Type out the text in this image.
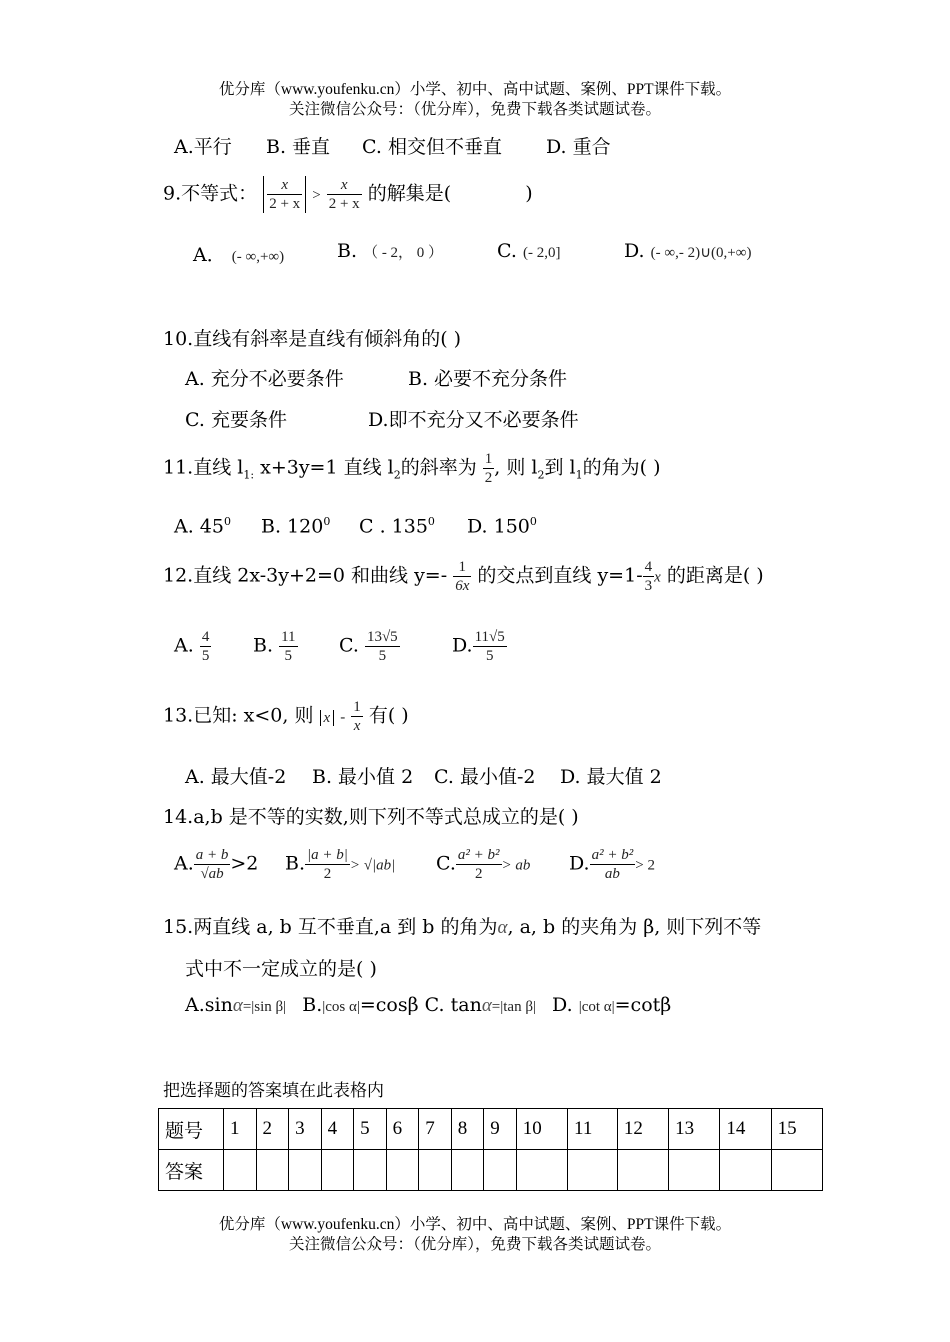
优分库（www.youfenku.cn）小学、初中、高中试题、案例、PPT课件下载。
关注微信公众号：（优分库），免费下载各类试题试卷。
A.平行 B. 垂直 C. 相交但不垂直 D. 重合
9.不等式： $\frac{x}{2 + x} > \frac{x}{2 + x}$ 的解集是(	)
A． (- ∞,+∞)	B. （ - 2， 0 ）	C. (- 2,0]	D. (- ∞,- 2)∪(0,+∞)
10.直线有斜率是直线有倾斜角的( )
A. 充分不必要条件	B. 必要不充分条件
C. 充要条件	D.即不充分又不必要条件
11.直线 $l_{1:}$ x+3y=1 直线 $l_2$的斜率为 $\frac{1}{2}$ , 则 $l_2$到 $l_1$的角为( )
A. $45^0$ B. $120^0$ C . $135^0$ D. $150^0$
12.直线 2x-3y+2=0 和曲线 $y=- \frac{1}{6x}$ 的交点到直线 $y=1- \frac{4}{3}$ x 的距离是( )
A. $\frac{4}{5} B$. $\frac{11}{5} C$. $\frac{13√5}{5}$	D. $\frac{11√5}{5}$
13.已知: x<0, 则 x - $\frac{1}{x}$ 有( )
A. 最大值-2 B. 最小值 2 C. 最小值-2 D. 最大值 2
14.a,b 是不等的实数,则下列不等式总成立的是( )
A. $\frac{a + b}{√ab} >2$ B. $\frac{|a + b|}{2} > √|ab|$ C. $\frac{\text{a² + b²}}{2}$ > ab D. $\frac{\text{a² + b²}}{ab} > 2$
15.两直线 a, b 互不垂直,a 到 b 的角为α, a, b 的夹角为 β, 则下列不等
式中不一定成立的是( )
A.sinα=|sin β| B.|cos α|=cosβ C. tanα=|tan β| D. |cot α|=cotβ
把选择题的答案填在此表格内
题号	1	2	3	4	5	6	7	8	9	10	11	12	13	14	15
答案															
优分库（www.youfenku.cn）小学、初中、高中试题、案例、PPT课件下载。
关注微信公众号：（优分库），免费下载各类试题试卷。
